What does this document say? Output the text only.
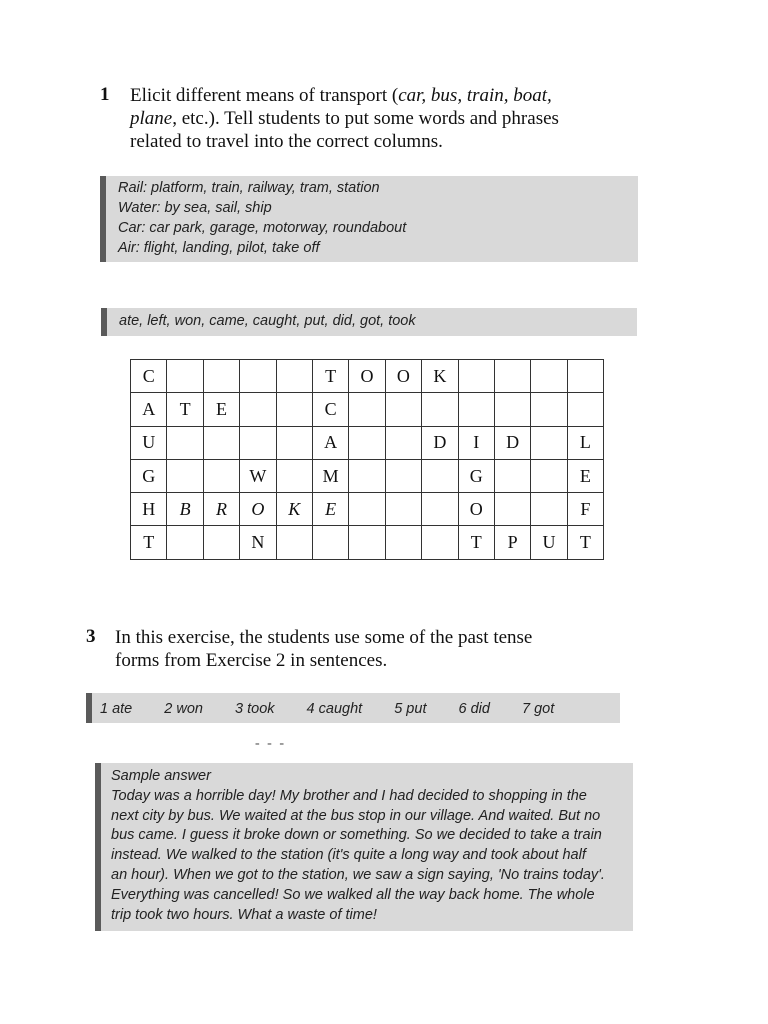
1 Elicit different means of transport (car, bus, train, boat,
plane, etc.). Tell students to put some words and phrases
related to travel into the correct columns.
Rail: platform, train, railway, tram, station
Water: by sea, sail, ship
Car: car park, garage, motorway, roundabout
Air: flight, landing, pilot, take off
ate, left, won, came, caught, put, did, got, took
C					T	O	O	K				
A	T	E			C							
U					A			D	I	D		L
G			W		M				G			E
H	B	R	O	K	E				O			F
T			N						T	P	U	T
3 In this exercise, the students use some of the past tense
forms from Exercise 2 in sentences.
1 ate 2 won 3 took 4 caught 5 put 6 did 7 got
- - -
Sample answer
Today was a horrible day! My brother and I had decided to shopping in the
next city by bus. We waited at the bus stop in our village. And waited. But no
bus came. I guess it broke down or something. So we decided to take a train
instead. We walked to the station (it's quite a long way and took about half
an hour). When we got to the station, we saw a sign saying, 'No trains today'.
Everything was cancelled! So we walked all the way back home. The whole
trip took two hours. What a waste of time!
